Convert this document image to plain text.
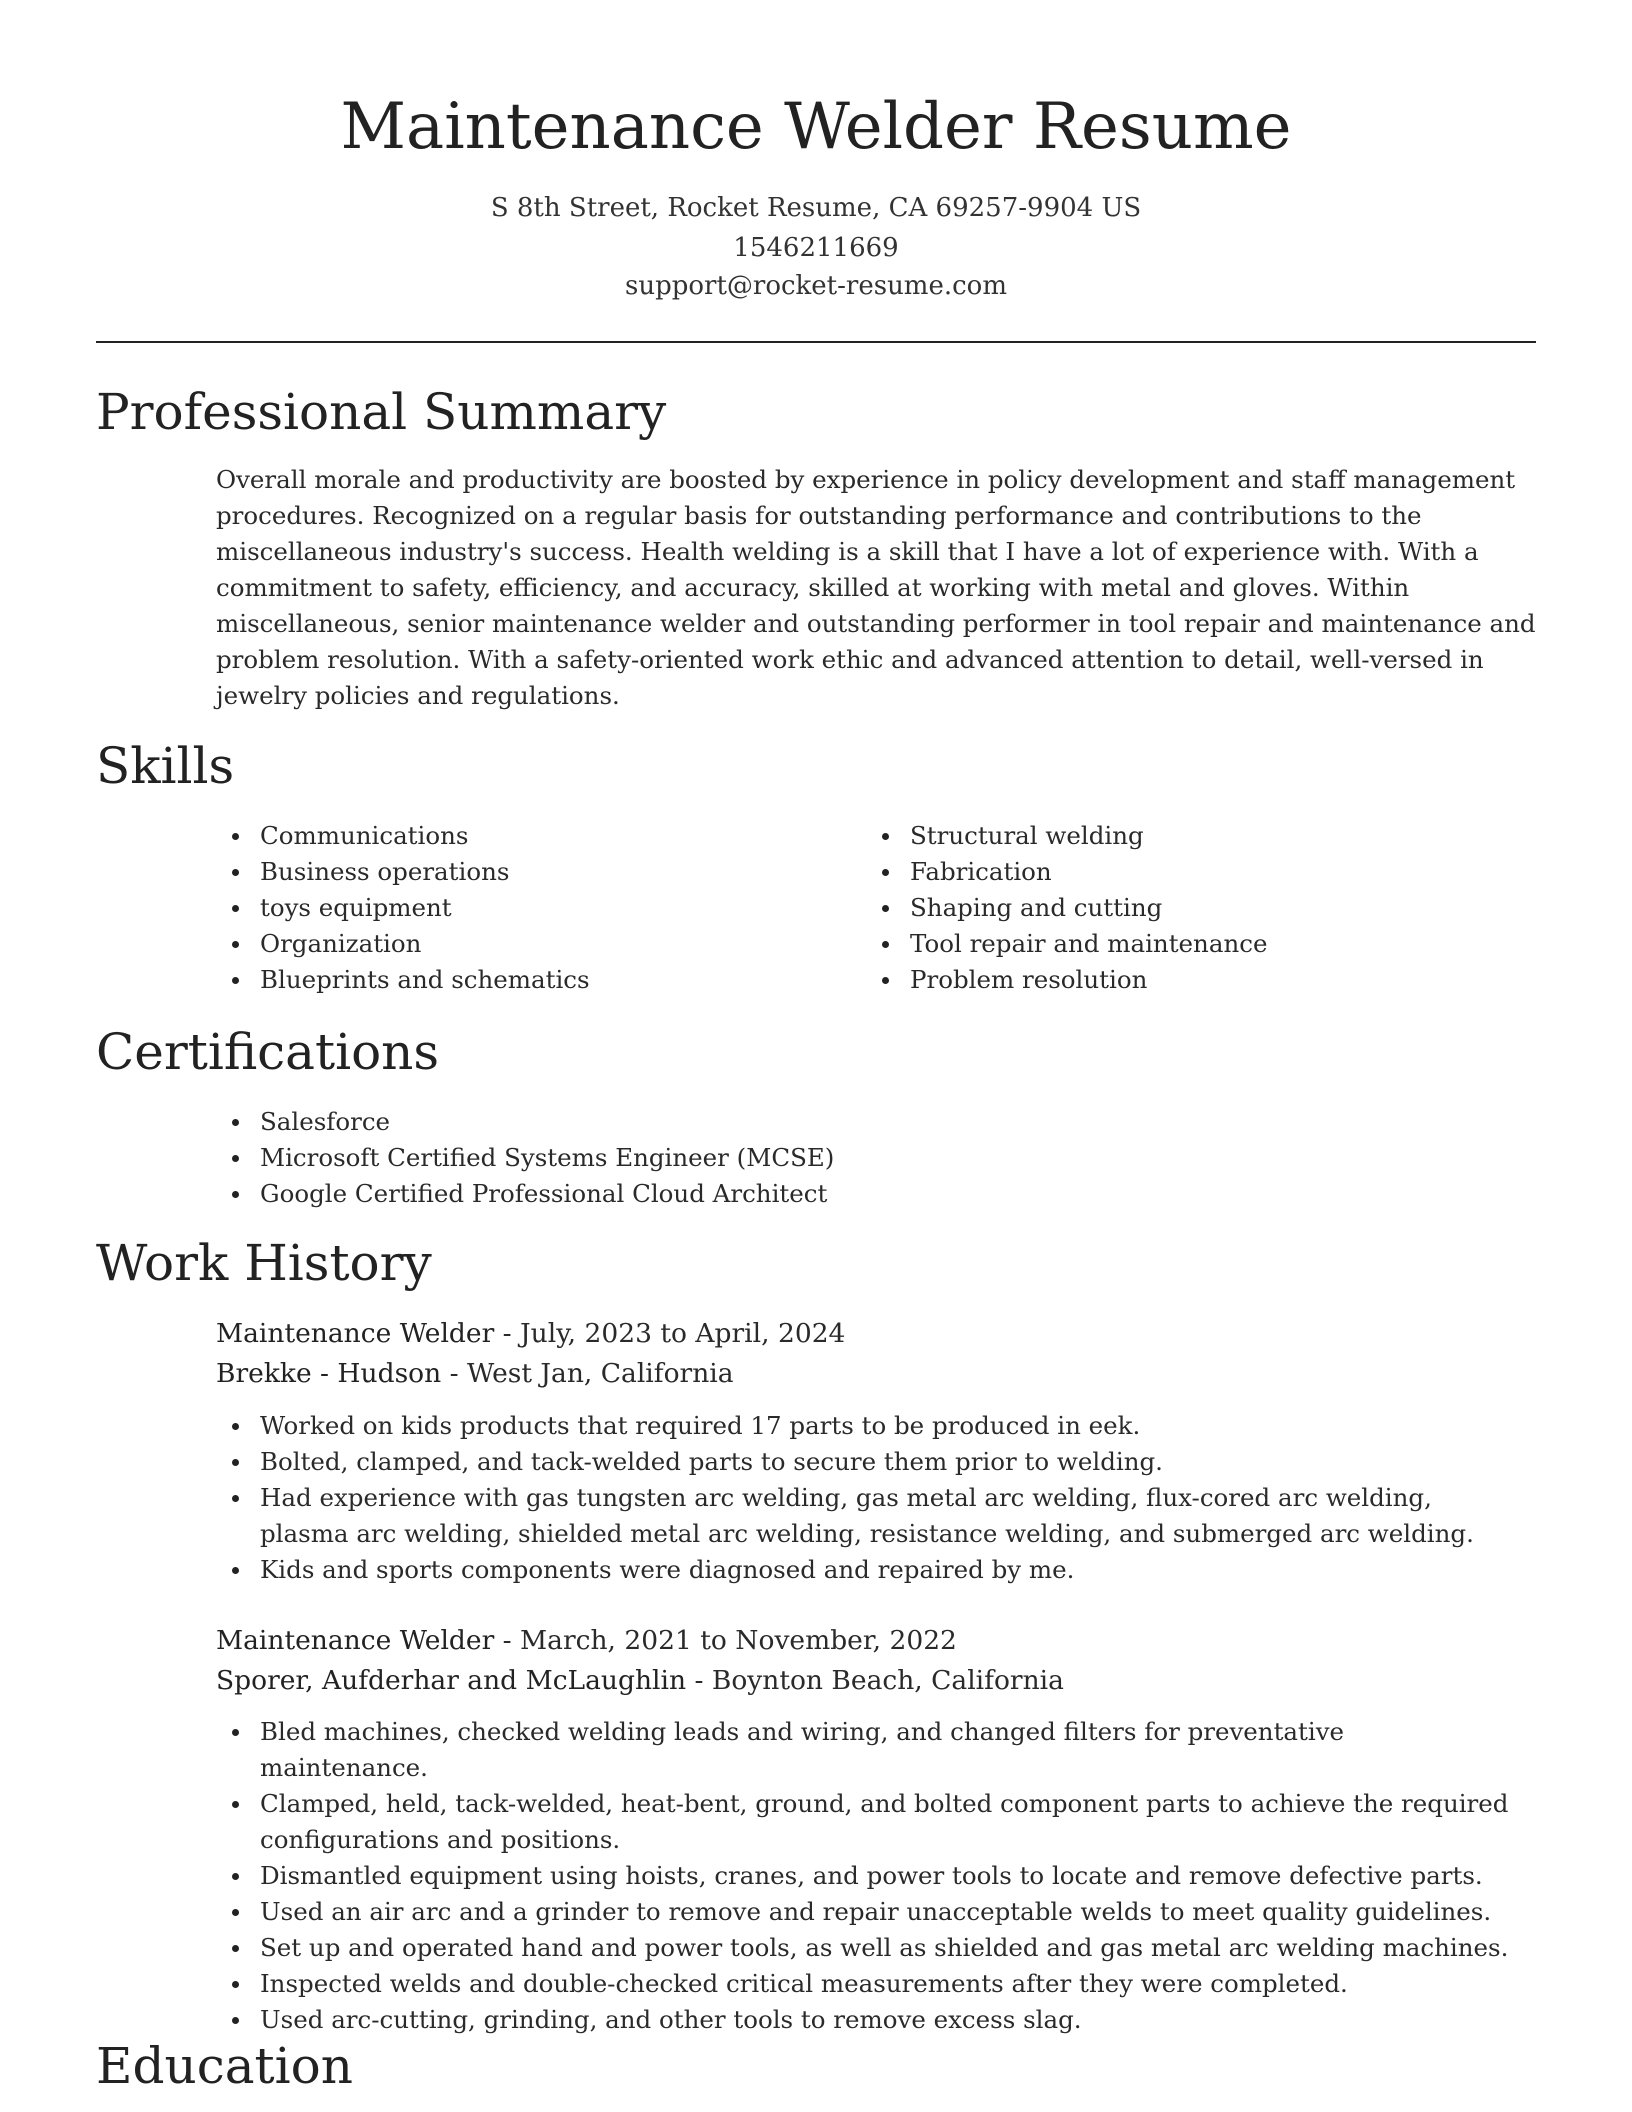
Maintenance Welder Resume
S 8th Street, Rocket Resume, CA 69257-9904 US
1546211669
support@rocket-resume.com
Professional Summary

Overall morale and productivity are boosted by experience in policy development and staff management procedures. Recognized on a regular basis for outstanding performance and contributions to the miscellaneous industry's success. Health welding is a skill that I have a lot of experience with. With a commitment to safety, efficiency, and accuracy, skilled at working with metal and gloves. Within miscellaneous, senior maintenance welder and outstanding performer in tool repair and maintenance and problem resolution. With a safety-oriented work ethic and advanced attention to detail, well-versed in jewelry policies and regulations.

Skills
Communications
Business operations
toys equipment
Organization
Blueprints and schematics
Structural welding
Fabrication
Shaping and cutting
Tool repair and maintenance
Problem resolution
Certifications
Salesforce
Microsoft Certified Systems Engineer (MCSE)
Google Certified Professional Cloud Architect
Work History
Maintenance Welder - July, 2023 to April, 2024
Brekke - Hudson - West Jan, California
Worked on kids products that required 17 parts to be produced in eek.
Bolted, clamped, and tack-welded parts to secure them prior to welding.
Had experience with gas tungsten arc welding, gas metal arc welding, flux-cored arc welding, plasma arc welding, shielded metal arc welding, resistance welding, and submerged arc welding.
Kids and sports components were diagnosed and repaired by me.
Maintenance Welder - March, 2021 to November, 2022
Sporer, Aufderhar and McLaughlin - Boynton Beach, California
Bled machines, checked welding leads and wiring, and changed filters for preventative maintenance.
Clamped, held, tack-welded, heat-bent, ground, and bolted component parts to achieve the required configurations and positions.
Dismantled equipment using hoists, cranes, and power tools to locate and remove defective parts.
Used an air arc and a grinder to remove and repair unacceptable welds to meet quality guidelines.
Set up and operated hand and power tools, as well as shielded and gas metal arc welding machines.
Inspected welds and double-checked critical measurements after they were completed.
Used arc-cutting, grinding, and other tools to remove excess slag.
Education
